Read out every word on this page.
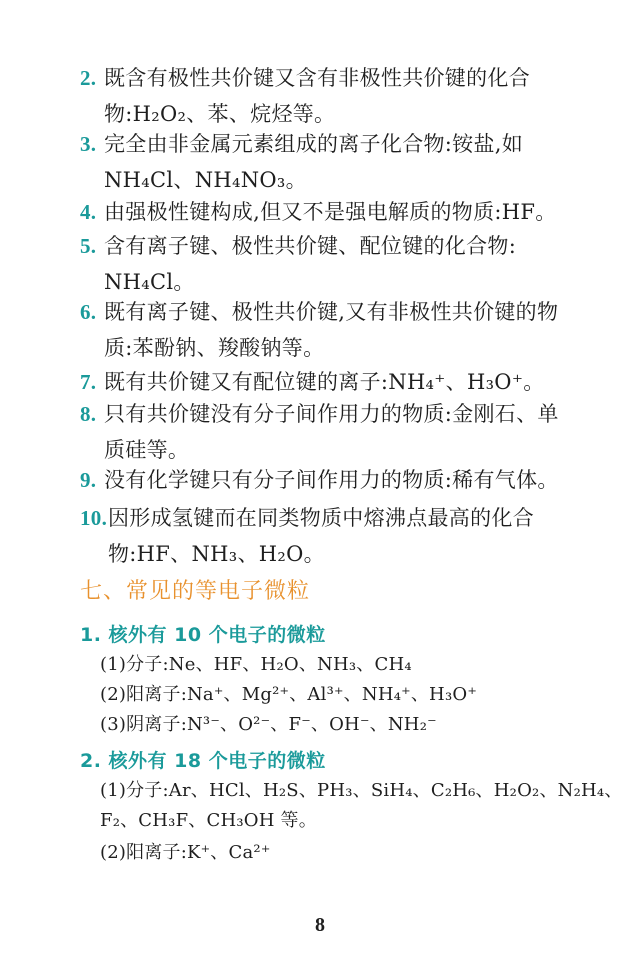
2. 既含有极性共价键又含有非极性共价键的化合
物:H₂O₂、苯、烷烃等。
3. 完全由非金属元素组成的离子化合物:铵盐,如
NH₄Cl、NH₄NO₃。
4. 由强极性键构成,但又不是强电解质的物质:HF。
5. 含有离子键、极性共价键、配位键的化合物:
NH₄Cl。
6. 既有离子键、极性共价键,又有非极性共价键的物
质:苯酚钠、羧酸钠等。
7. 既有共价键又有配位键的离子:NH₄⁺、H₃O⁺。
8. 只有共价键没有分子间作用力的物质:金刚石、单
质硅等。
9. 没有化学键只有分子间作用力的物质:稀有气体。
10. 因形成氢键而在同类物质中熔沸点最高的化合
物:HF、NH₃、H₂O。
七、常见的等电子微粒
1. 核外有 10 个电子的微粒
(1)分子:Ne、HF、H₂O、NH₃、CH₄
(2)阳离子:Na⁺、Mg²⁺、Al³⁺、NH₄⁺、H₃O⁺
(3)阴离子:N³⁻、O²⁻、F⁻、OH⁻、NH₂⁻
2. 核外有 18 个电子的微粒
(1)分子:Ar、HCl、H₂S、PH₃、SiH₄、C₂H₆、H₂O₂、N₂H₄、
F₂、CH₃F、CH₃OH 等。
(2)阳离子:K⁺、Ca²⁺
8
